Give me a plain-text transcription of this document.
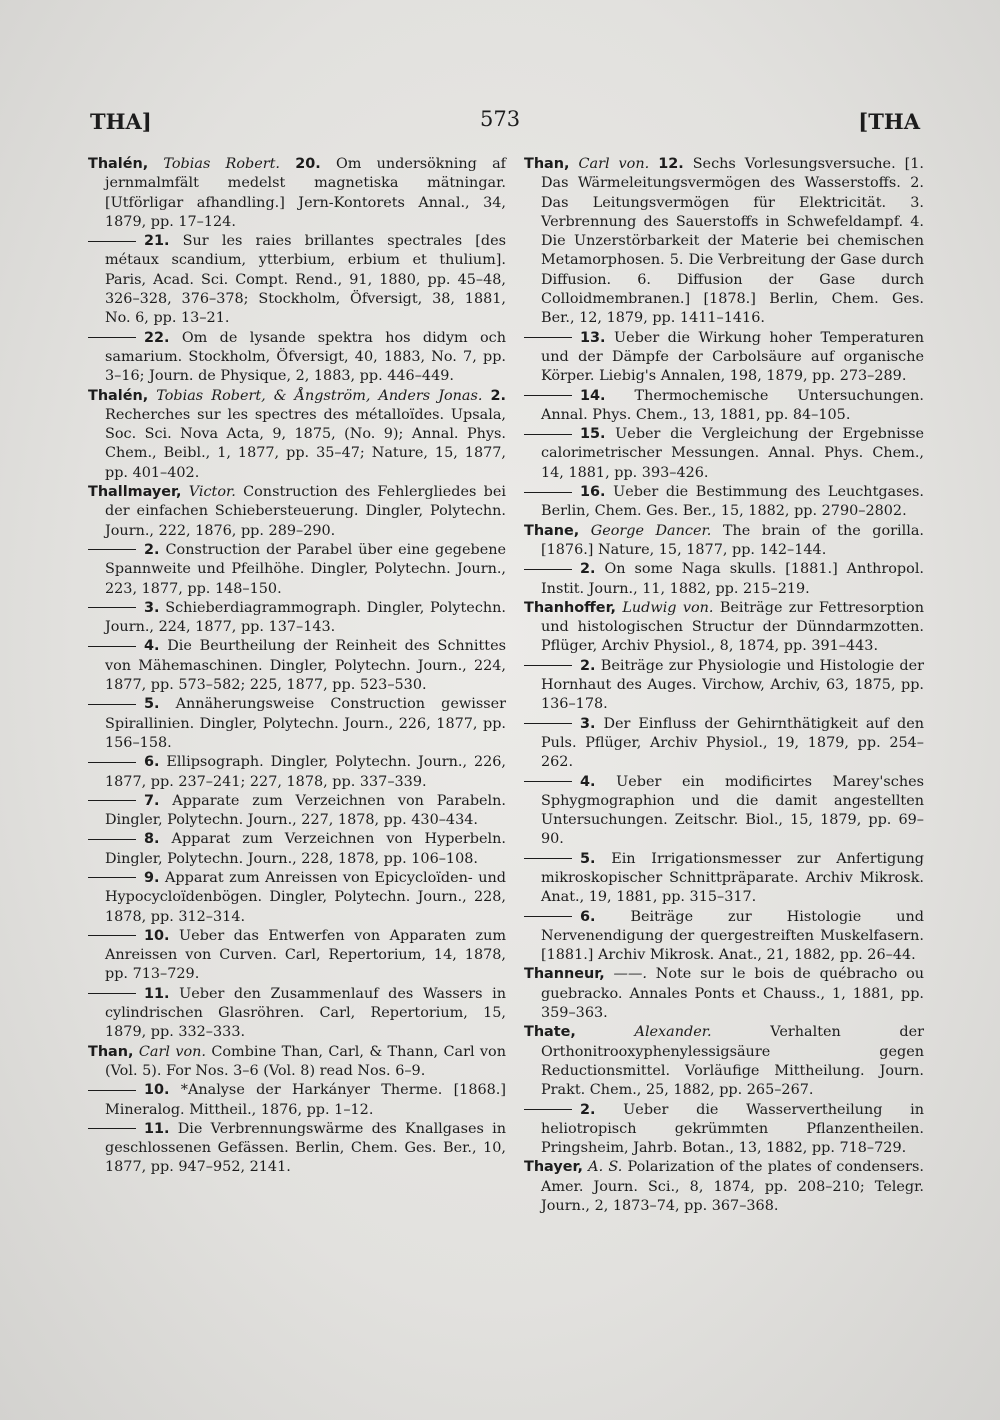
THA]	573	[THA

Thalén, Tobias Robert. 20. Om undersökning af jernmalmfält medelst magnetiska mätningar. [Utförligar afhandling.] Jern-Kontorets Annal., 34, 1879, pp. 17–124.

21. Sur les raies brillantes spectrales [des métaux scandium, ytterbium, erbium et thulium]. Paris, Acad. Sci. Compt. Rend., 91, 1880, pp. 45–48, 326–328, 376–378; Stockholm, Öfversigt, 38, 1881, No. 6, pp. 13–21.

22. Om de lysande spektra hos didym och samarium. Stockholm, Öfversigt, 40, 1883, No. 7, pp. 3–16; Journ. de Physique, 2, 1883, pp. 446–449.

Thalén, Tobias Robert, & Ångström, Anders Jonas. 2. Recherches sur les spectres des métalloïdes. Upsala, Soc. Sci. Nova Acta, 9, 1875, (No. 9); Annal. Phys. Chem., Beibl., 1, 1877, pp. 35–47; Nature, 15, 1877, pp. 401–402.

Thallmayer, Victor. Construction des Fehlergliedes bei der einfachen Schiebersteuerung. Dingler, Polytechn. Journ., 222, 1876, pp. 289–290.

2. Construction der Parabel über eine gegebene Spannweite und Pfeilhöhe. Dingler, Polytechn. Journ., 223, 1877, pp. 148–150.

3. Schieberdiagrammograph. Dingler, Polytechn. Journ., 224, 1877, pp. 137–143.

4. Die Beurtheilung der Reinheit des Schnittes von Mähemaschinen. Dingler, Polytechn. Journ., 224, 1877, pp. 573–582; 225, 1877, pp. 523–530.

5. Annäherungsweise Construction gewisser Spirallinien. Dingler, Polytechn. Journ., 226, 1877, pp. 156–158.

6. Ellipsograph. Dingler, Polytechn. Journ., 226, 1877, pp. 237–241; 227, 1878, pp. 337–339.

7. Apparate zum Verzeichnen von Parabeln. Dingler, Polytechn. Journ., 227, 1878, pp. 430–434.

8. Apparat zum Verzeichnen von Hyperbeln. Dingler, Polytechn. Journ., 228, 1878, pp. 106–108.

9. Apparat zum Anreissen von Epicycloïden- und Hypocycloïdenbögen. Dingler, Polytechn. Journ., 228, 1878, pp. 312–314.

10. Ueber das Entwerfen von Apparaten zum Anreissen von Curven. Carl, Repertorium, 14, 1878, pp. 713–729.

11. Ueber den Zusammenlauf des Wassers in cylindrischen Glasröhren. Carl, Repertorium, 15, 1879, pp. 332–333.

Than, Carl von. Combine Than, Carl, & Thann, Carl von (Vol. 5). For Nos. 3–6 (Vol. 8) read Nos. 6–9.

10. *Analyse der Harkányer Therme. [1868.] Mineralog. Mittheil., 1876, pp. 1–12.

11. Die Verbrennungswärme des Knallgases in geschlossenen Gefässen. Berlin, Chem. Ges. Ber., 10, 1877, pp. 947–952, 2141.

Than, Carl von. 12. Sechs Vorlesungsversuche. [1. Das Wärmeleitungsvermögen des Wasserstoffs. 2. Das Leitungsvermögen für Elektricität. 3. Verbrennung des Sauerstoffs in Schwefeldampf. 4. Die Unzerstörbarkeit der Materie bei chemischen Metamorphosen. 5. Die Verbreitung der Gase durch Diffusion. 6. Diffusion der Gase durch Colloidmembranen.] [1878.] Berlin, Chem. Ges. Ber., 12, 1879, pp. 1411–1416.

13. Ueber die Wirkung hoher Temperaturen und der Dämpfe der Carbolsäure auf organische Körper. Liebig's Annalen, 198, 1879, pp. 273–289.

14. Thermochemische Untersuchungen. Annal. Phys. Chem., 13, 1881, pp. 84–105.

15. Ueber die Vergleichung der Ergebnisse calorimetrischer Messungen. Annal. Phys. Chem., 14, 1881, pp. 393–426.

16. Ueber die Bestimmung des Leuchtgases. Berlin, Chem. Ges. Ber., 15, 1882, pp. 2790–2802.

Thane, George Dancer. The brain of the gorilla. [1876.] Nature, 15, 1877, pp. 142–144.

2. On some Naga skulls. [1881.] Anthropol. Instit. Journ., 11, 1882, pp. 215–219.

Thanhoffer, Ludwig von. Beiträge zur Fettresorption und histologischen Structur der Dünndarmzotten. Pflüger, Archiv Physiol., 8, 1874, pp. 391–443.

2. Beiträge zur Physiologie und Histologie der Hornhaut des Auges. Virchow, Archiv, 63, 1875, pp. 136–178.

3. Der Einfluss der Gehirnthätigkeit auf den Puls. Pflüger, Archiv Physiol., 19, 1879, pp. 254–262.

4. Ueber ein modificirtes Marey'sches Sphygmographion und die damit angestellten Untersuchungen. Zeitschr. Biol., 15, 1879, pp. 69–90.

5. Ein Irrigationsmesser zur Anfertigung mikroskopischer Schnittpräparate. Archiv Mikrosk. Anat., 19, 1881, pp. 315–317.

6. Beiträge zur Histologie und Nervenendigung der quergestreiften Muskelfasern. [1881.] Archiv Mikrosk. Anat., 21, 1882, pp. 26–44.

Thanneur, ——. Note sur le bois de québracho ou guebracko. Annales Ponts et Chauss., 1, 1881, pp. 359–363.

Thate,	Alexander.	Verhalten der Orthonitrooxyphenylessigsäure gegen Reductionsmittel. Vorläufige Mittheilung. Journ. Prakt. Chem., 25, 1882, pp. 265–267.

2. Ueber die Wasservertheilung in heliotropisch gekrümmten Pflanzentheilen. Pringsheim, Jahrb. Botan., 13, 1882, pp. 718–729.

Thayer, A. S. Polarization of the plates of condensers. Amer. Journ. Sci., 8, 1874, pp. 208–210; Telegr. Journ., 2, 1873–74, pp. 367–368.
